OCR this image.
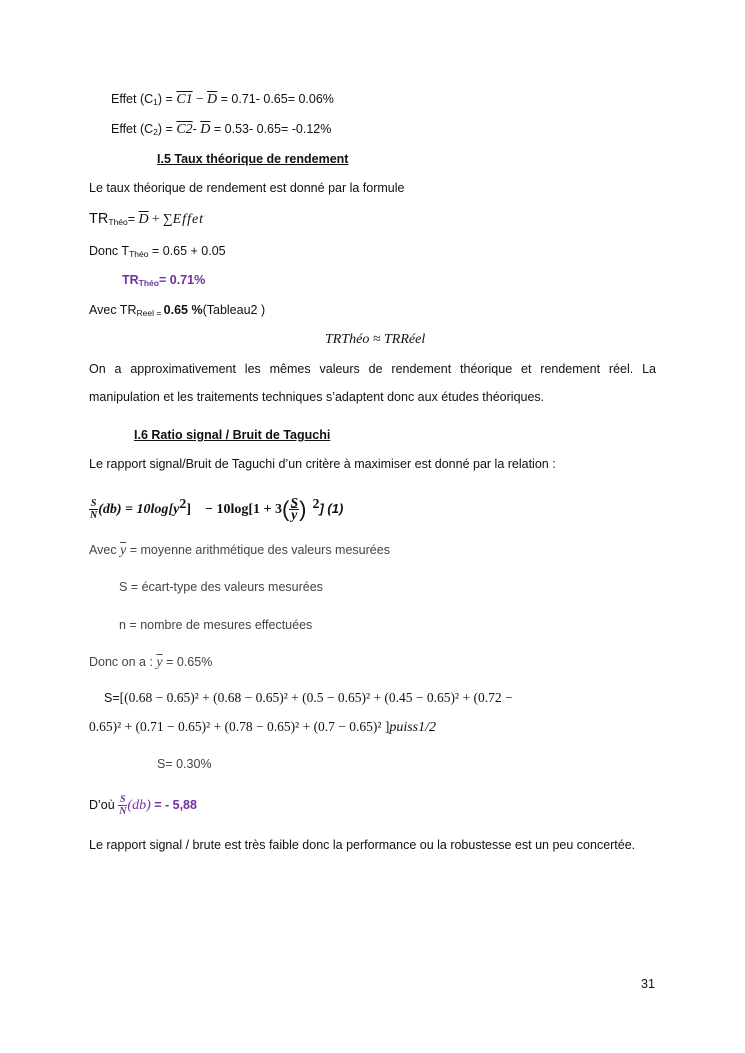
Effet $(C_1) = C1 - \overline{D} = 0.71-$ 0.65= 0.06%
Effet $(C_2) = C2-$ $\overline{D} = 0.53-$ 0.65= -0.12%
I.5 Taux théorique de rendement
Le taux théorique de rendement est donné par la formule
$TR_{Théo}= \overline{D}$ + ∑Effet
Donc $T_{Théo} = 0.65 + 0.05$
$TR_{Théo}= 0.71\%$
Avec $TR_{Reel}$ $_=$ 0.65 %(Tableau2 )
TRThéo ≈ TRRéel
On a approximativement les mêmes valeurs de rendement théorique et rendement réel. La manipulation et les traitements techniques s’adaptent donc aux études théoriques.
I.6 Ratio signal / Bruit de Taguchi
Le rapport signal/Bruit de Taguchi d’un critère à maximiser est donné par la relation :
$\frac{S}{N} (db) = 10\log[y^2] - 10\log[1 + 3( \frac{S}{y}$ ) $^2$] (1)
Avec $\overline{y}$ = moyenne arithmétique des valeurs mesurées
S = écart-type des valeurs mesurées
n = nombre de mesures effectuées
Donc on a : $\overline{y} = 0.65\%$
S=[(0.68 − 0.65)² + (0.68 − 0.65)² + (0.5 − 0.65)² + (0.45 − 0.65)² + (0.72 −
0.65)² + (0.71 − 0.65)² + (0.78 − 0.65)² + (0.7 − 0.65)² ]puiss1/2
S= 0.30%
D’où $\frac{S}{N} (db)$ = - 5,88
Le rapport signal / brute est très faible donc la performance ou la robustesse est un peu concertée.
31
